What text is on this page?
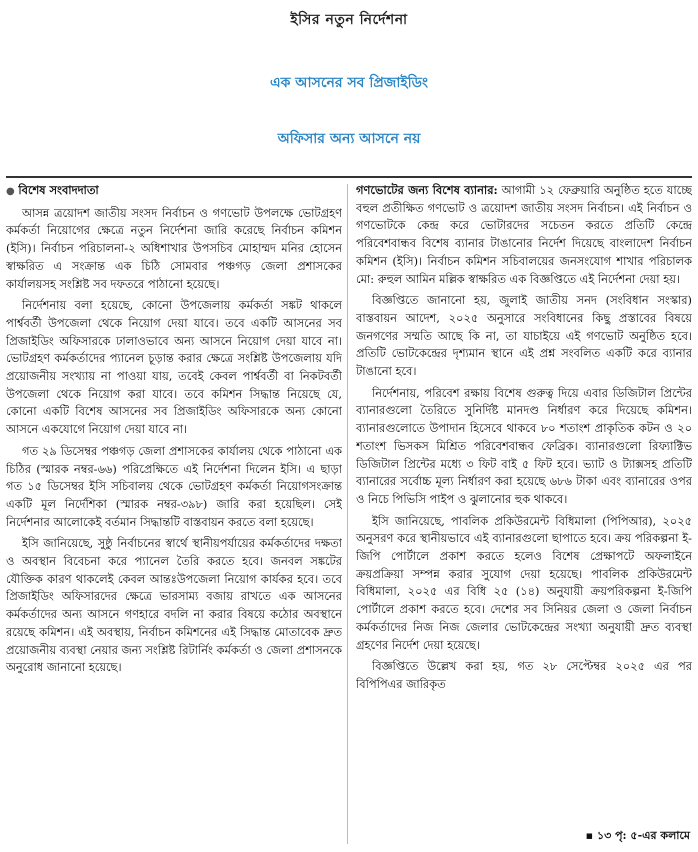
ইসির নতুন নির্দেশনা
এক আসনের সব প্রিজাইডিং
অফিসার অন্য আসনে নয়

● বিশেষ সংবাদদাতা

আসন্ন ত্রয়োদশ জাতীয় সংসদ নির্বাচন ও গণভোট উপলক্ষে ভোটগ্রহণ কর্মকর্তা নিয়োগের ক্ষেত্রে নতুন নির্দেশনা জারি করেছে নির্বাচন কমিশন (ইসি)। নির্বাচন পরিচালনা-২ অধিশাখার উপসচিব মোহাম্মদ মনির হোসেন স্বাক্ষরিত এ সংক্রান্ত এক চিঠি সোমবার পঞ্চগড় জেলা প্রশাসকের কার্যালয়সহ সংশ্লিষ্ট সব দফতরে পাঠানো হয়েছে।

নির্দেশনায় বলা হয়েছে, কোনো উপজেলায় কর্মকর্তা সঙ্কট থাকলে পার্শ্ববর্তী উপজেলা থেকে নিয়োগ দেয়া যাবে। তবে একটি আসনের সব প্রিজাইডিং অফিসারকে ঢালাওভাবে অন্য আসনে নিয়োগ দেয়া যাবে না। ভোটগ্রহণ কর্মকর্তাদের প্যানেল চূড়ান্ত করার ক্ষেত্রে সংশ্লিষ্ট উপজেলায় যদি প্রয়োজনীয় সংখ্যায় না পাওয়া যায়, তবেই কেবল পার্শ্ববর্তী বা নিকটবর্তী উপজেলা থেকে নিয়োগ করা যাবে। তবে কমিশন সিদ্ধান্ত নিয়েছে যে, কোনো একটি বিশেষ আসনের সব প্রিজাইডিং অফিসারকে অন্য কোনো আসনে একযোগে নিয়োগ দেয়া যাবে না।

গত ২৯ ডিসেম্বর পঞ্চগড় জেলা প্রশাসকের কার্যালয় থেকে পাঠানো এক চিঠির (স্মারক নম্বর-৬৬) পরিপ্রেক্ষিতে এই নির্দেশনা দিলেন ইসি। এ ছাড়া গত ১৫ ডিসেম্বর ইসি সচিবালয় থেকে ভোটগ্রহণ কর্মকর্তা নিয়োগসংক্রান্ত একটি মূল নির্দেশিকা (স্মারক নম্বর-৩৯৮) জারি করা হয়েছিল। সেই নির্দেশনার আলোকেই বর্তমান সিদ্ধান্তটি বাস্তবায়ন করতে বলা হয়েছে।

ইসি জানিয়েছে, সুষ্ঠু নির্বাচনের স্বার্থে স্থানীয়পর্যায়ের কর্মকর্তাদের দক্ষতা ও অবস্থান বিবেচনা করে প্যানেল তৈরি করতে হবে। জনবল সঙ্কটের যৌক্তিক কারণ থাকলেই কেবল আন্তঃউপজেলা নিয়োগ কার্যকর হবে। তবে প্রিজাইডিং অফিসারদের ক্ষেত্রে ভারসাম্য বজায় রাখতে এক আসনের কর্মকর্তাদের অন্য আসনে গণহারে বদলি না করার বিষয়ে কঠোর অবস্থানে রয়েছে কমিশন। এই অবস্থায়, নির্বাচন কমিশনের এই সিদ্ধান্ত মোতাবেক দ্রুত প্রয়োজনীয় ব্যবস্থা নেয়ার জন্য সংশ্লিষ্ট রিটার্নিং কর্মকর্তা ও জেলা প্রশাসনকে অনুরোধ জানানো হয়েছে।

গণভোটের জন্য বিশেষ ব্যানার: আগামী ১২ ফেব্রুয়ারি অনুষ্ঠিত হতে যাচ্ছে বহুল প্রতীক্ষিত গণভোট ও ত্রয়োদশ জাতীয় সংসদ নির্বাচন। এই নির্বাচন ও গণভোটকে কেন্দ্র করে ভোটারদের সচেতন করতে প্রতিটি কেন্দ্রে পরিবেশবান্ধব বিশেষ ব্যানার টাঙানোর নির্দেশ দিয়েছে বাংলাদেশ নির্বাচন কমিশন (ইসি)। নির্বাচন কমিশন সচিবালয়ের জনসংযোগ শাখার পরিচালক মো: রুহুল আমিন মল্লিক স্বাক্ষরিত এক বিজ্ঞপ্তিতে এই নির্দেশনা দেয়া হয়।

বিজ্ঞপ্তিতে জানানো হয়, জুলাই জাতীয় সনদ (সংবিধান সংস্কার) বাস্তবায়ন আদেশ, ২০২৫ অনুসারে সংবিধানের কিছু প্রস্তাবের বিষয়ে জনগণের সম্মতি আছে কি না, তা যাচাইয়ে এই গণভোট অনুষ্ঠিত হবে। প্রতিটি ভোটকেন্দ্রের দৃশ্যমান স্থানে এই প্রশ্ন সংবলিত একটি করে ব্যানার টাঙানো হবে।

নির্দেশনায়, পরিবেশ রক্ষায় বিশেষ গুরুত্ব দিয়ে এবার ডিজিটাল প্রিন্টের ব্যানারগুলো তৈরিতে সুনির্দিষ্ট মানদণ্ড নির্ধারণ করে দিয়েছে কমিশন। ব্যানারগুলোতে উপাদান হিসেবে থাকবে ৮০ শতাংশ প্রাকৃতিক কটন ও ২০ শতাংশ ভিসকস মিশ্রিত পরিবেশবান্ধব ফেব্রিক। ব্যানারগুলো রিফ্যাক্টিভ ডিজিটাল প্রিন্টের মধ্যে ৩ ফিট বাই ৫ ফিট হবে। ভ্যাট ও ট্যাক্সসহ প্রতিটি ব্যানারের সর্বোচ্চ মূল্য নির্ধারণ করা হয়েছে ৬৮৬ টাকা এবং ব্যানারের ওপর ও নিচে পিভিসি পাইপ ও ঝুলানোর হুক থাকবে।

ইসি জানিয়েছে, পাবলিক প্রকিউরমেন্ট বিধিমালা (পিপিআর), ২০২৫ অনুসরণ করে স্থানীয়ভাবে এই ব্যানারগুলো ছাপাতে হবে। ক্রয় পরিকল্পনা ই-জিপি পোর্টালে প্রকাশ করতে হলেও বিশেষ প্রেক্ষাপটে অফলাইনে ক্রয়প্রক্রিয়া সম্পন্ন করার সুযোগ দেয়া হয়েছে। পাবলিক প্রকিউরমেন্ট বিধিমালা, ২০২৫ এর বিধি ২৫ (১৪) অনুযায়ী ক্রয়পরিকল্পনা ই-জিপি পোর্টালে প্রকাশ করতে হবে। দেশের সব সিনিয়র জেলা ও জেলা নির্বাচন কর্মকর্তাদের নিজ নিজ জেলার ভোটকেন্দ্রের সংখ্যা অনুযায়ী দ্রুত ব্যবস্থা গ্রহণের নির্দেশ দেয়া হয়েছে।

বিজ্ঞপ্তিতে উল্লেখ করা হয়, গত ২৮ সেপ্টেম্বর ২০২৫ এর পর বিপিপিএর জারিকৃত

▪ ১৩ পৃ: ৫-এর কলামে
